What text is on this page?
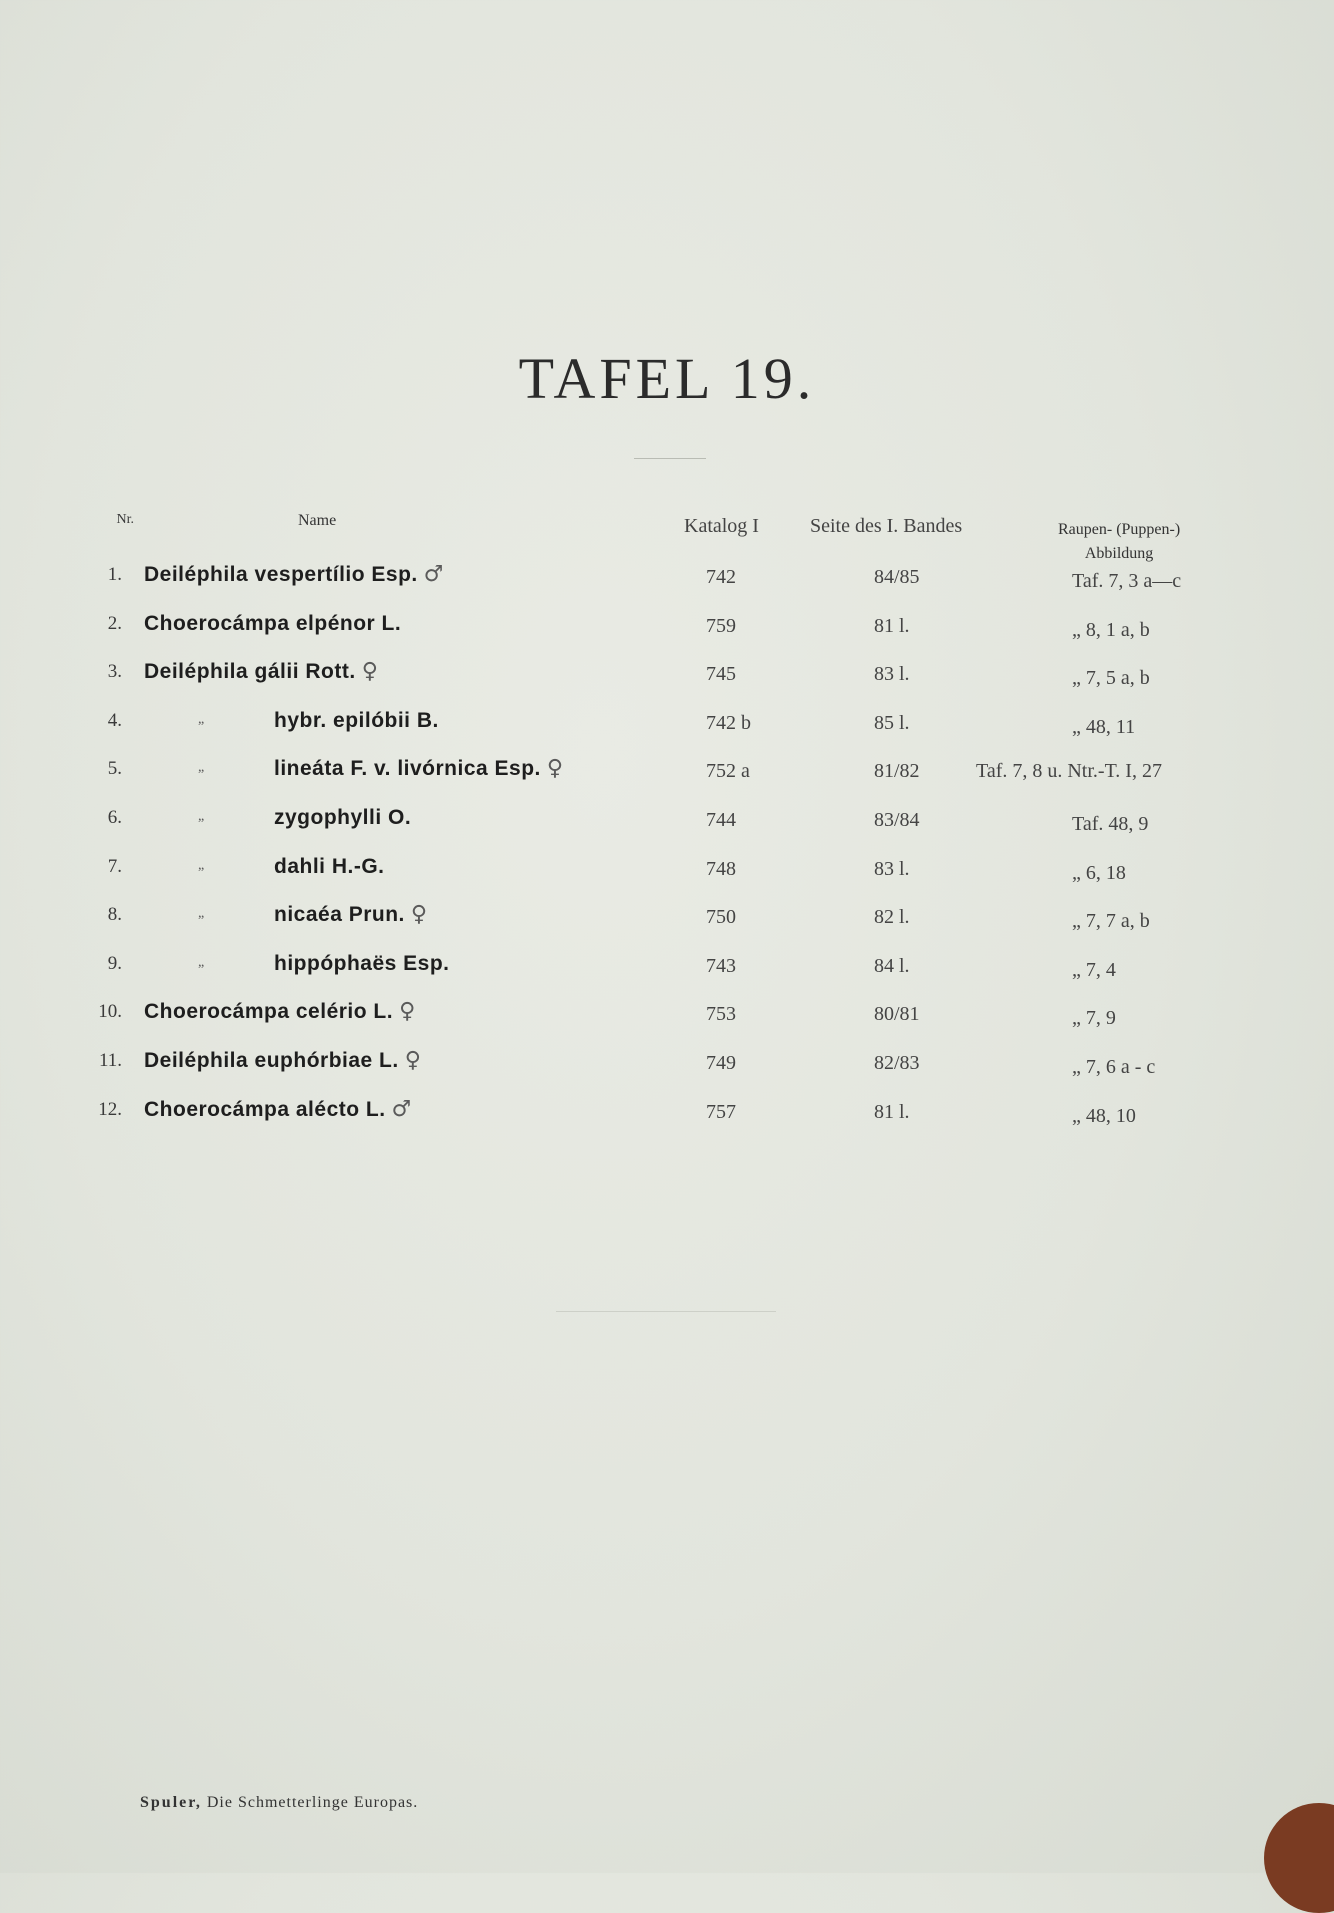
TAFEL 19.
Nr.	Name	Katalog I	Seite des I. Bandes	Raupen- (Puppen-)
Abbildung
1. Deiléphila vespertílio Esp. ♂	742	84/85	Taf. 7, 3 a—c
2. Choerocámpa elpénor L.	759	81 l.	„ 8, 1 a, b
3. Deiléphila gálii Rott. ♀	745	83 l.	„ 7, 5 a, b
4.	„	hybr. epilóbii B.	742 b	85 l.	„ 48, 11
5.	„	lineáta F. v. livórnica Esp. ♀	752 a	81/82	Taf. 7, 8 u. Ntr.-T. I, 27
6.	„	zygophylli O.	744	83/84	Taf. 48, 9
7.	„	dahli H.-G.	748	83 l.	„ 6, 18
8.	„	nicaéa Prun. ♀	750	82 l.	„ 7, 7 a, b
9.	„	hippóphaës Esp.	743	84 l.	„ 7, 4
10. Choerocámpa celério L. ♀	753	80/81	„ 7, 9
11. Deiléphila euphórbiae L. ♀	749	82/83	„ 7, 6 a - c
12. Choerocámpa aléсto L. ♂	757	81 l.	„ 48, 10
Spuler, Die Schmetterlinge Europas.
